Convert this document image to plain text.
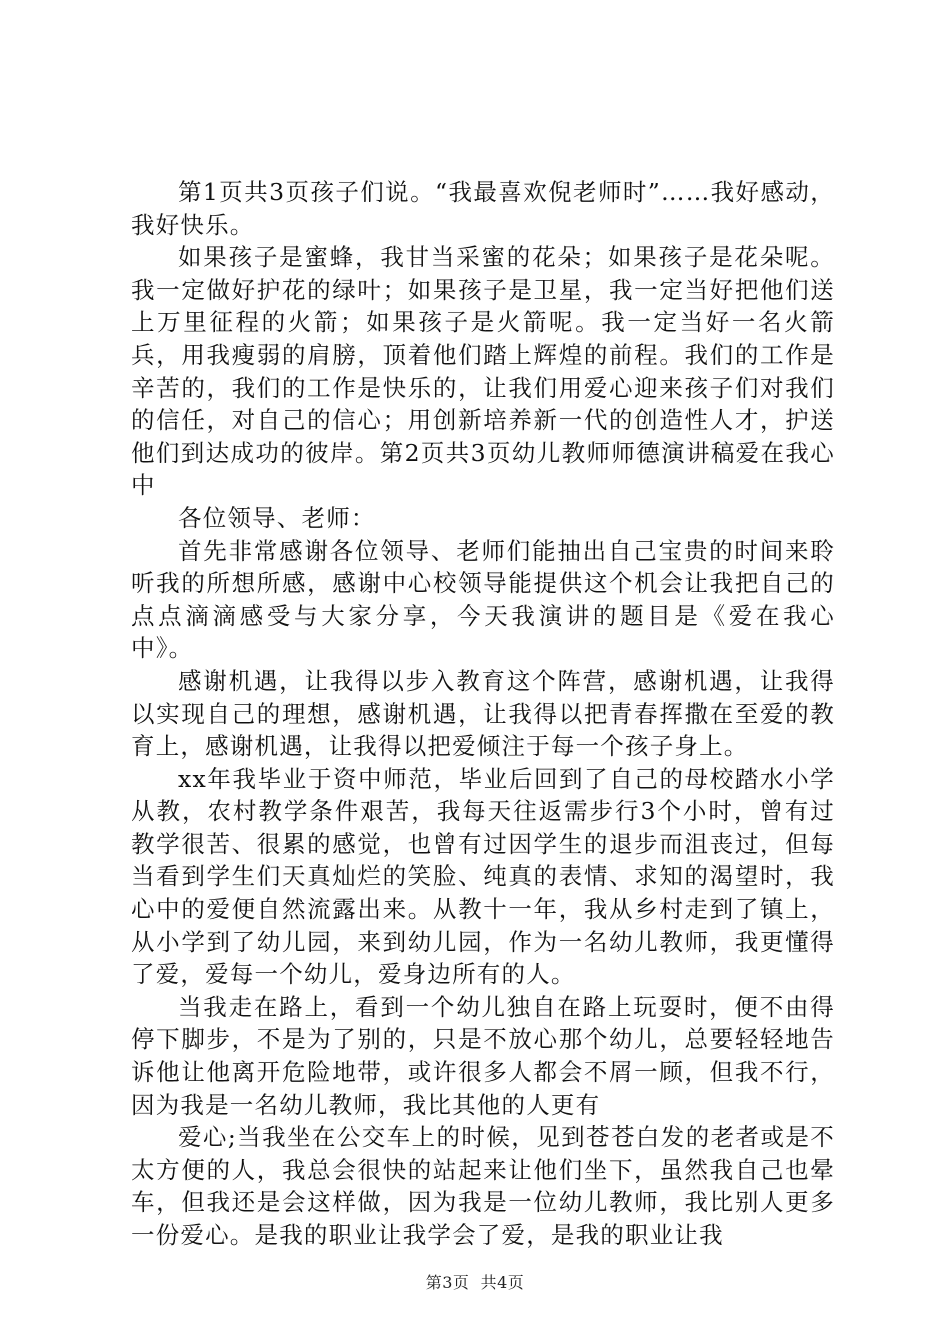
第1页共3页孩子们说。“我最喜欢倪老师时”……我好感动，我好快乐。

如果孩子是蜜蜂，我甘当采蜜的花朵；如果孩子是花朵呢。我一定做好护花的绿叶；如果孩子是卫星，我一定当好把他们送上万里征程的火箭；如果孩子是火箭呢。我一定当好一名火箭兵，用我瘦弱的肩膀，顶着他们踏上辉煌的前程。我们的工作是辛苦的，我们的工作是快乐的，让我们用爱心迎来孩子们对我们的信任，对自己的信心；用创新培养新一代的创造性人才，护送他们到达成功的彼岸。第2页共3页幼儿教师师德演讲稿爱在我心中

各位领导、老师：

首先非常感谢各位领导、老师们能抽出自己宝贵的时间来聆听我的所想所感，感谢中心校领导能提供这个机会让我把自己的点点滴滴感受与大家分享，今天我演讲的题目是《爱在我心中》。

感谢机遇，让我得以步入教育这个阵营，感谢机遇，让我得以实现自己的理想，感谢机遇，让我得以把青春挥撒在至爱的教育上，感谢机遇，让我得以把爱倾注于每一个孩子身上。

xx年我毕业于资中师范，毕业后回到了自己的母校踏水小学从教，农村教学条件艰苦，我每天往返需步行3个小时，曾有过教学很苦、很累的感觉，也曾有过因学生的退步而沮丧过，但每当看到学生们天真灿烂的笑脸、纯真的表情、求知的渴望时，我心中的爱便自然流露出来。从教十一年，我从乡村走到了镇上，从小学到了幼儿园，来到幼儿园，作为一名幼儿教师，我更懂得了爱，爱每一个幼儿，爱身边所有的人。

当我走在路上，看到一个幼儿独自在路上玩耍时，便不由得停下脚步，不是为了别的，只是不放心那个幼儿，总要轻轻地告诉他让他离开危险地带，或许很多人都会不屑一顾，但我不行，因为我是一名幼儿教师，我比其他的人更有

爱心;当我坐在公交车上的时候，见到苍苍白发的老者或是不太方便的人，我总会很快的站起来让他们坐下，虽然我自己也晕车，但我还是会这样做，因为我是一位幼儿教师，我比别人更多一份爱心。是我的职业让我学会了爱，是我的职业让我

第3页 共4页
